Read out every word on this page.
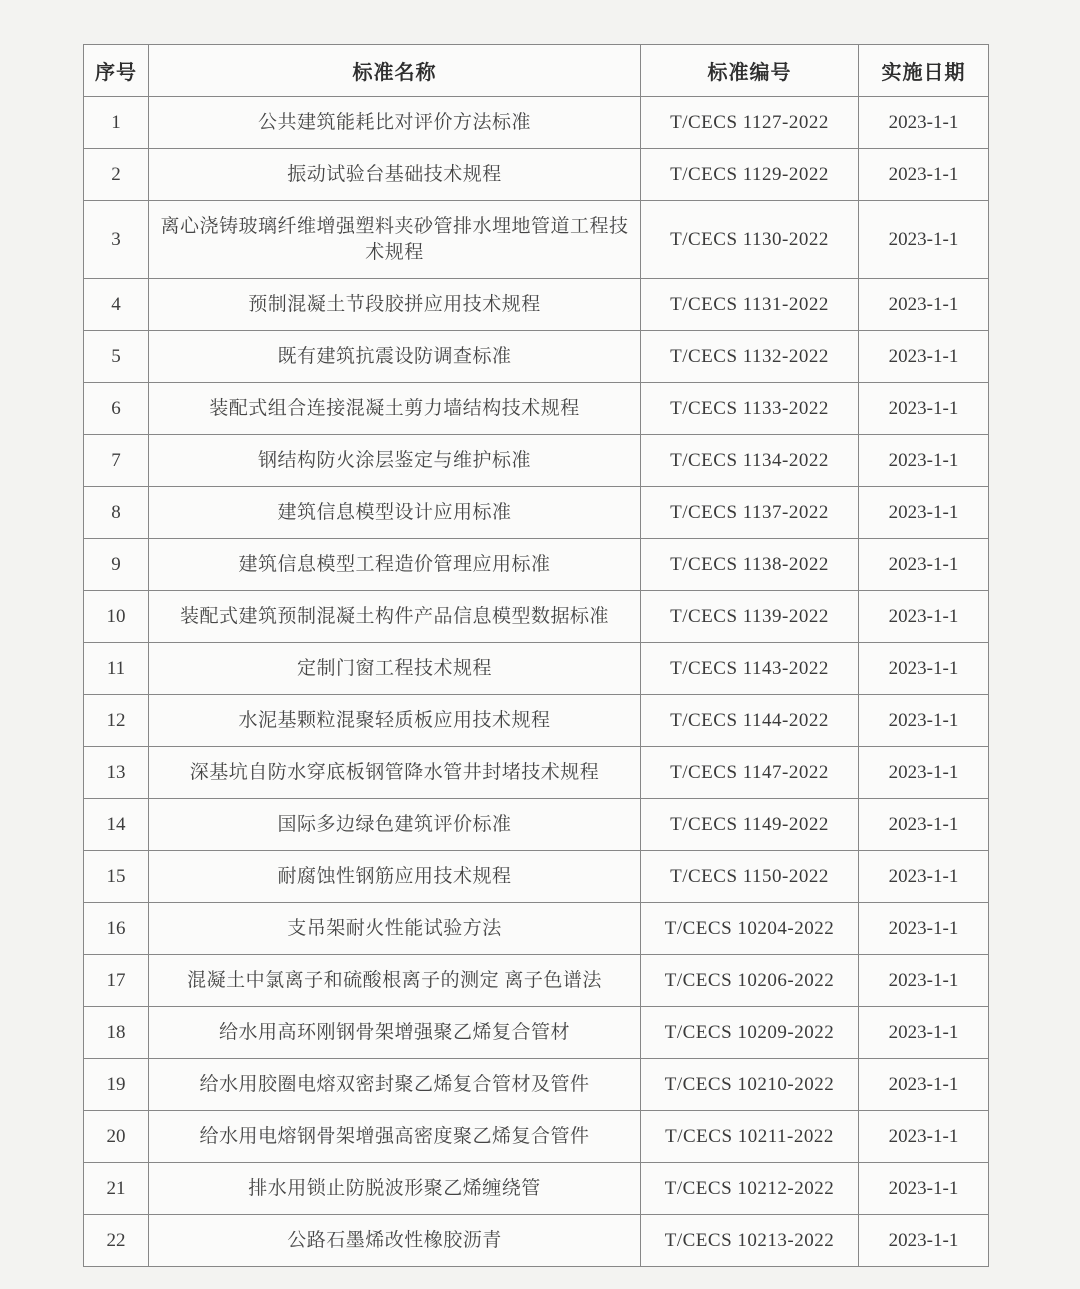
序号	标准名称	标准编号	实施日期
1	公共建筑能耗比对评价方法标准	T/CECS 1127-2022	2023-1-1
2	振动试验台基础技术规程	T/CECS 1129-2022	2023-1-1
3	离心浇铸玻璃纤维增强塑料夹砂管排水埋地管道工程技术规程	T/CECS 1130-2022	2023-1-1
4	预制混凝土节段胶拼应用技术规程	T/CECS 1131-2022	2023-1-1
5	既有建筑抗震设防调查标准	T/CECS 1132-2022	2023-1-1
6	装配式组合连接混凝土剪力墙结构技术规程	T/CECS 1133-2022	2023-1-1
7	钢结构防火涂层鉴定与维护标准	T/CECS 1134-2022	2023-1-1
8	建筑信息模型设计应用标准	T/CECS 1137-2022	2023-1-1
9	建筑信息模型工程造价管理应用标准	T/CECS 1138-2022	2023-1-1
10	装配式建筑预制混凝土构件产品信息模型数据标准	T/CECS 1139-2022	2023-1-1
11	定制门窗工程技术规程	T/CECS 1143-2022	2023-1-1
12	水泥基颗粒混聚轻质板应用技术规程	T/CECS 1144-2022	2023-1-1
13	深基坑自防水穿底板钢管降水管井封堵技术规程	T/CECS 1147-2022	2023-1-1
14	国际多边绿色建筑评价标准	T/CECS 1149-2022	2023-1-1
15	耐腐蚀性钢筋应用技术规程	T/CECS 1150-2022	2023-1-1
16	支吊架耐火性能试验方法	T/CECS 10204-2022	2023-1-1
17	混凝土中氯离子和硫酸根离子的测定 离子色谱法	T/CECS 10206-2022	2023-1-1
18	给水用高环刚钢骨架增强聚乙烯复合管材	T/CECS 10209-2022	2023-1-1
19	给水用胶圈电熔双密封聚乙烯复合管材及管件	T/CECS 10210-2022	2023-1-1
20	给水用电熔钢骨架增强高密度聚乙烯复合管件	T/CECS 10211-2022	2023-1-1
21	排水用锁止防脱波形聚乙烯缠绕管	T/CECS 10212-2022	2023-1-1
22	公路石墨烯改性橡胶沥青	T/CECS 10213-2022	2023-1-1
